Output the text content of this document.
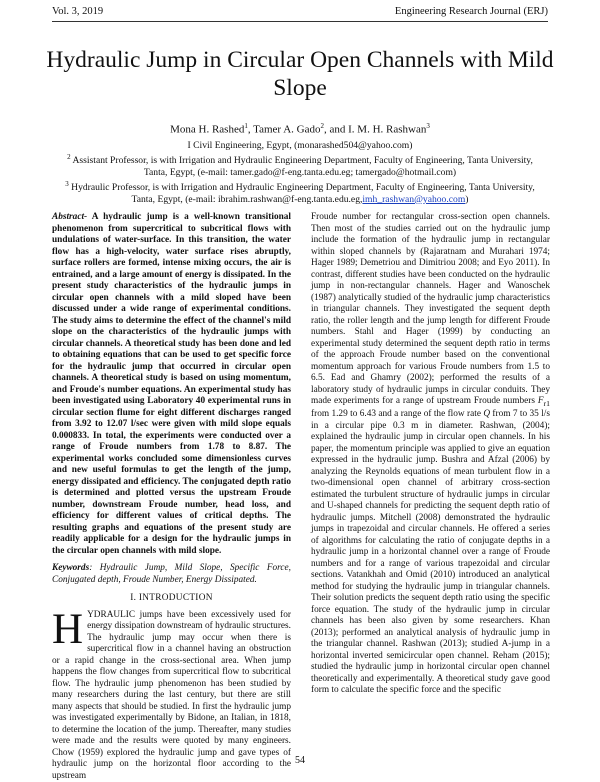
Vol. 3, 2019	Engineering Research Journal (ERJ)
Hydraulic Jump in Circular Open Channels with Mild Slope
Mona H. Rashed$^1$, Tamer A. Gado$^2$, and I. M. H. Rashwan$^3$
I Civil Engineering, Egypt, (monarashed504@yahoo.com)
$^2$ Assistant Professor, is with Irrigation and Hydraulic Engineering Department, Faculty of Engineering, Tanta University,
Tanta, Egypt, (e-mail: tamer.gado@f-eng.tanta.edu.eg; tamergado@hotmail.com)
$^3$ Hydraulic Professor, is with Irrigation and Hydraulic Engineering Department, Faculty of Engineering, Tanta University,
Tanta, Egypt, (e-mail: ibrahim.rashwan@f-eng.tanta.edu.eg,imh_rashwan@yahoo.com)
Abstract- A hydraulic jump is a well-known transitional phenomenon from supercritical to subcritical flows with undulations of water-surface. In this transition, the water flow has a high-velocity, water surface rises abruptly, surface rollers are formed, intense mixing occurs, the air is entrained, and a large amount of energy is dissipated. In the present study characteristics of the hydraulic jumps in circular open channels with a mild sloped have been discussed under a wide range of experimental conditions. The study aims to determine the effect of the channel's mild slope on the characteristics of the hydraulic jumps with circular channels. A theoretical study has been done and led to obtaining equations that can be used to get specific force for the hydraulic jump that occurred in circular open channels. A theoretical study is based on using momentum, and Froude's number equations. An experimental study has been investigated using Laboratory 40 experimental runs in circular section flume for eight different discharges ranged from 3.92 to 12.07 l/sec were given with mild slope equals 0.000833. In total, the experiments were conducted over a range of Froude numbers from 1.78 to 8.87. The experimental works concluded some dimensionless curves and new useful formulas to get the length of the jump, energy dissipated and efficiency. The conjugated depth ratio is determined and plotted versus the upstream Froude number, downstream Froude number, head loss, and efficiency for different values of critical depths. The resulting graphs and equations of the present study are readily applicable for a design for the hydraulic jumps in the circular open channels with mild slope.
Keywords: Hydraulic Jump, Mild Slope, Specific Force, Conjugated depth, Froude Number, Energy Dissipated.
I. INTRODUCTION

HYDRAULIC jumps have been excessively used for energy dissipation downstream of hydraulic structures. The hydraulic jump may occur when there is supercritical flow in a channel having an obstruction or a rapid change in the cross-sectional area. When jump happens the flow changes from supercritical flow to subcritical flow. The hydraulic jump phenomenon has been studied by many researchers during the last century, but there are still many aspects that should be studied. In first the hydraulic jump was investigated experimentally by Bidone, an Italian, in 1818, to determine the location of the jump. Thereafter, many studies were made and the results were quoted by many engineers. Chow (1959) explored the hydraulic jump and gave types of hydraulic jump on the horizontal floor according to the upstream

Froude number for rectangular cross-section open channels. Then most of the studies carried out on the hydraulic jump include the formation of the hydraulic jump in rectangular within sloped channels by (Rajaratnam and Murahari 1974; Hager 1989; Demetriou and Dimitriou 2008; and Eyo 2011). In contrast, different studies have been conducted on the hydraulic jump in non-rectangular channels. Hager and Wanoschek (1987) analytically studied of the hydraulic jump characteristics in triangular channels. They investigated the sequent depth ratio, the roller length and the jump length for different Froude numbers. Stahl and Hager (1999) by conducting an experimental study determined the sequent depth ratio in terms of the approach Froude number based on the conventional momentum approach for various Froude numbers from 1.5 to 6.5. Ead and Ghamry (2002); performed the results of a laboratory study of hydraulic jumps in circular conduits. They made experiments for a range of upstream Froude numbers $F_{r1}$ from 1.29 to 6.43 and a range of the flow rate Q from 7 to 35 l/s in a circular pipe 0.3 m in diameter. Rashwan, (2004); explained the hydraulic jump in circular open channels. In his paper, the momentum principle was applied to give an equation expressed in the hydraulic jump. Bushra and Afzal (2006) by analyzing the Reynolds equations of mean turbulent flow in a two-dimensional open channel of arbitrary cross-section estimated the turbulent structure of hydraulic jumps in circular and U-shaped channels for predicting the sequent depth ratio of hydraulic jumps. Mitchell (2008) demonstrated the hydraulic jumps in trapezoidal and circular channels. He offered a series of algorithms for calculating the ratio of conjugate depths in a hydraulic jump in a horizontal channel over a range of Froude numbers and for a range of various trapezoidal and circular sections. Vatankhah and Omid (2010) introduced an analytical method for studying the hydraulic jump in triangular channels. Their solution predicts the sequent depth ratio using the specific force equation. The study of the hydraulic jump in circular channels has been also given by some researchers. Khan (2013); performed an analytical analysis of hydraulic jump in the triangular channel. Rashwan (2013); studied A-jump in a horizontal inverted semicircular open channel. Reham (2015); studied the hydraulic jump in horizontal circular open channel theoretically and experimentally. A theoretical study gave good form to calculate the specific force and the specific

54
